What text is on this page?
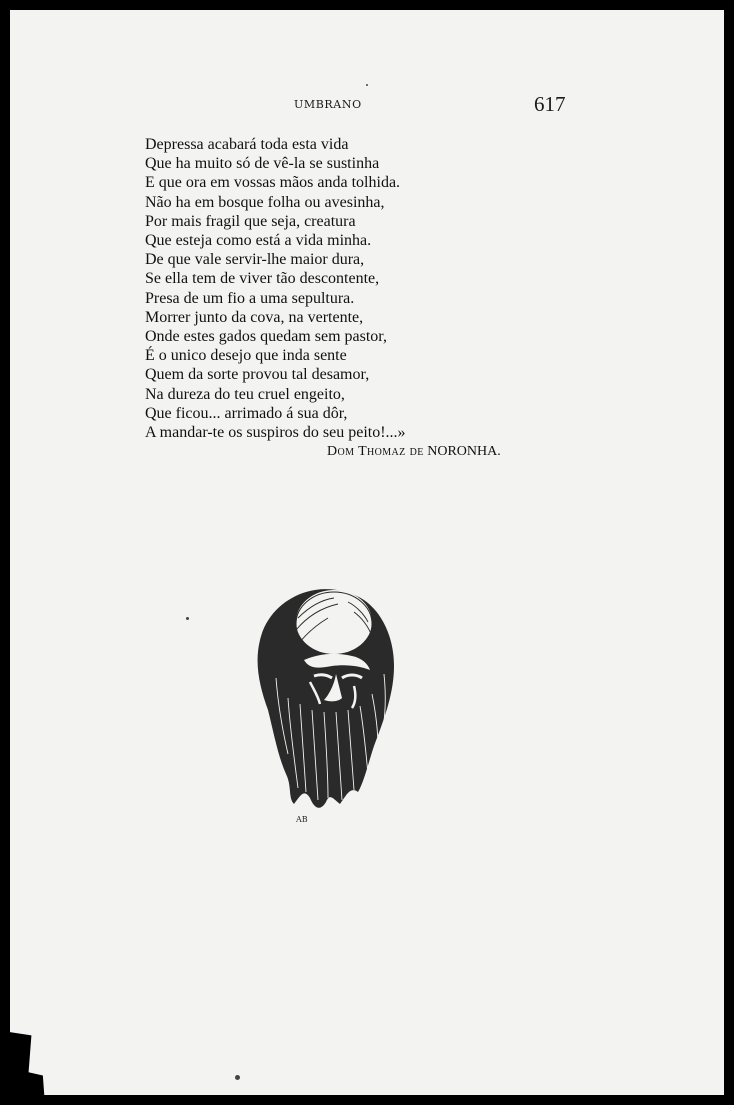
UMBRANO	617
Depressa acabará toda esta vida
Que ha muito só de vê-la se sustinha
E que ora em vossas mãos anda tolhida.
Não ha em bosque folha ou avesinha,
Por mais fragil que seja, creatura
Que esteja como está a vida minha.
De que vale servir-lhe maior dura,
Se ella tem de viver tão descontente,
Presa de um fio a uma sepultura.
Morrer junto da cova, na vertente,
Onde estes gados quedam sem pastor,
É o unico desejo que inda sente
Quem da sorte provou tal desamor,
Na dureza do teu cruel engeito,
Que ficou... arrimado á sua dôr,
A mandar-te os suspiros do seu peito!...»
Dom Thomaz de NORONHA.
AB
